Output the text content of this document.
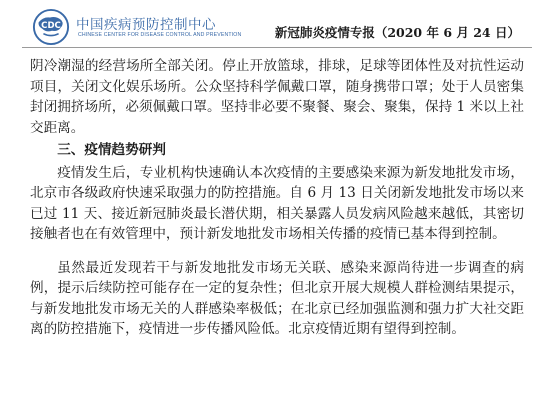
CDC 中国疾病预防控制中心
CHINESE CENTER FOR DISEASE CONTROL AND PREVENTION	新冠肺炎疫情专报（2020 年 6 月 24 日）

阴冷潮湿的经营场所全部关闭。停止开放篮球，排球，足球等团体性及对抗性运动项目，关闭文化娱乐场所。公众坚持科学佩戴口罩，随身携带口罩；处于人员密集封闭拥挤场所，必须佩戴口罩。坚持非必要不聚餐、聚会、聚集，保持 1 米以上社交距离。

三、疫情趋势研判

疫情发生后，专业机构快速确认本次疫情的主要感染来源为新发地批发市场，北京市各级政府快速采取强力的防控措施。自 6 月 13 日关闭新发地批发市场以来已过 11 天、接近新冠肺炎最长潜伏期，相关暴露人员发病风险越来越低，其密切接触者也在有效管理中，预计新发地批发市场相关传播的疫情已基本得到控制。

虽然最近发现若干与新发地批发市场无关联、感染来源尚待进一步调查的病例，提示后续防控可能存在一定的复杂性；但北京开展大规模人群检测结果提示，与新发地批发市场无关的人群感染率极低；在北京已经加强监测和强力扩大社交距离的防控措施下，疫情进一步传播风险低。北京疫情近期有望得到控制。
